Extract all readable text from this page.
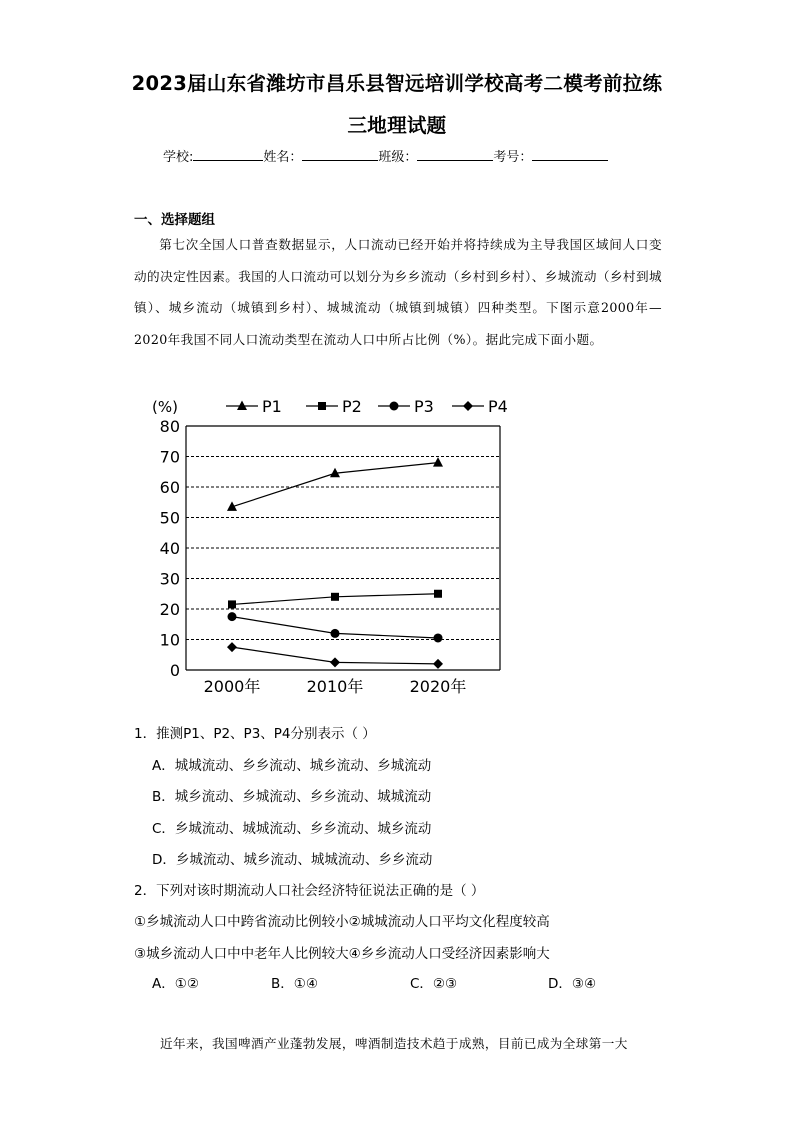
2023届山东省潍坊市昌乐县智远培训学校高考二模考前拉练
三地理试题
学校:	姓名：	班级：	考号：
一、选择题组
第七次全国人口普查数据显示，人口流动已经开始并将持续成为主导我国区域间人口变动的决定性因素。我国的人口流动可以划分为乡乡流动（乡村到乡村）、乡城流动（乡村到城镇）、城乡流动（城镇到乡村）、城城流动（城镇到城镇）四种类型。下图示意2000年—2020年我国不同人口流动类型在流动人口中所占比例（%）。据此完成下面小题。
0
10
20
30
40
50
60
70
80
2000年	2010年	2020年
(%)	P1	P2	P3	P4
1．推测P1、P2、P3、P4分别表示（ ）
A．城城流动、乡乡流动、城乡流动、乡城流动
B．城乡流动、乡城流动、乡乡流动、城城流动
C．乡城流动、城城流动、乡乡流动、城乡流动
D．乡城流动、城乡流动、城城流动、乡乡流动
2．下列对该时期流动人口社会经济特征说法正确的是（ ）
①乡城流动人口中跨省流动比例较小②城城流动人口平均文化程度较高
③城乡流动人口中中老年人比例较大④乡乡流动人口受经济因素影响大
A．①②	B．①④	C．②③	D．③④
近年来，我国啤酒产业蓬勃发展，啤酒制造技术趋于成熟，目前已成为全球第一大
